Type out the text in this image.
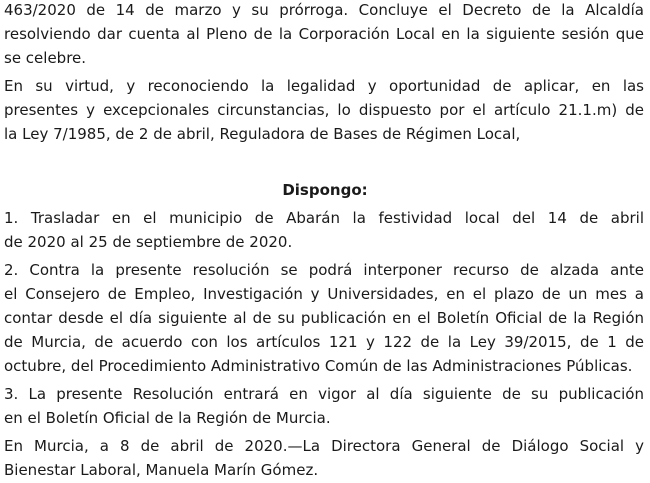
463/2020 de 14 de marzo y su prórroga. Concluye el Decreto de la Alcaldía
resolviendo dar cuenta al Pleno de la Corporación Local en la siguiente sesión que
se celebre.
En su virtud, y reconociendo la legalidad y oportunidad de aplicar, en las
presentes y excepcionales circunstancias, lo dispuesto por el artículo 21.1.m) de
la Ley 7/1985, de 2 de abril, Reguladora de Bases de Régimen Local,
Dispongo:
1. Trasladar en el municipio de Abarán la festividad local del 14 de abril
de 2020 al 25 de septiembre de 2020.
2. Contra la presente resolución se podrá interponer recurso de alzada ante
el Consejero de Empleo, Investigación y Universidades, en el plazo de un mes a
contar desde el día siguiente al de su publicación en el Boletín Oficial de la Región
de Murcia, de acuerdo con los artículos 121 y 122 de la Ley 39/2015, de 1 de
octubre, del Procedimiento Administrativo Común de las Administraciones Públicas.
3. La presente Resolución entrará en vigor al día siguiente de su publicación
en el Boletín Oficial de la Región de Murcia.
En Murcia, a 8 de abril de 2020.—La Directora General de Diálogo Social y
Bienestar Laboral, Manuela Marín Gómez.
